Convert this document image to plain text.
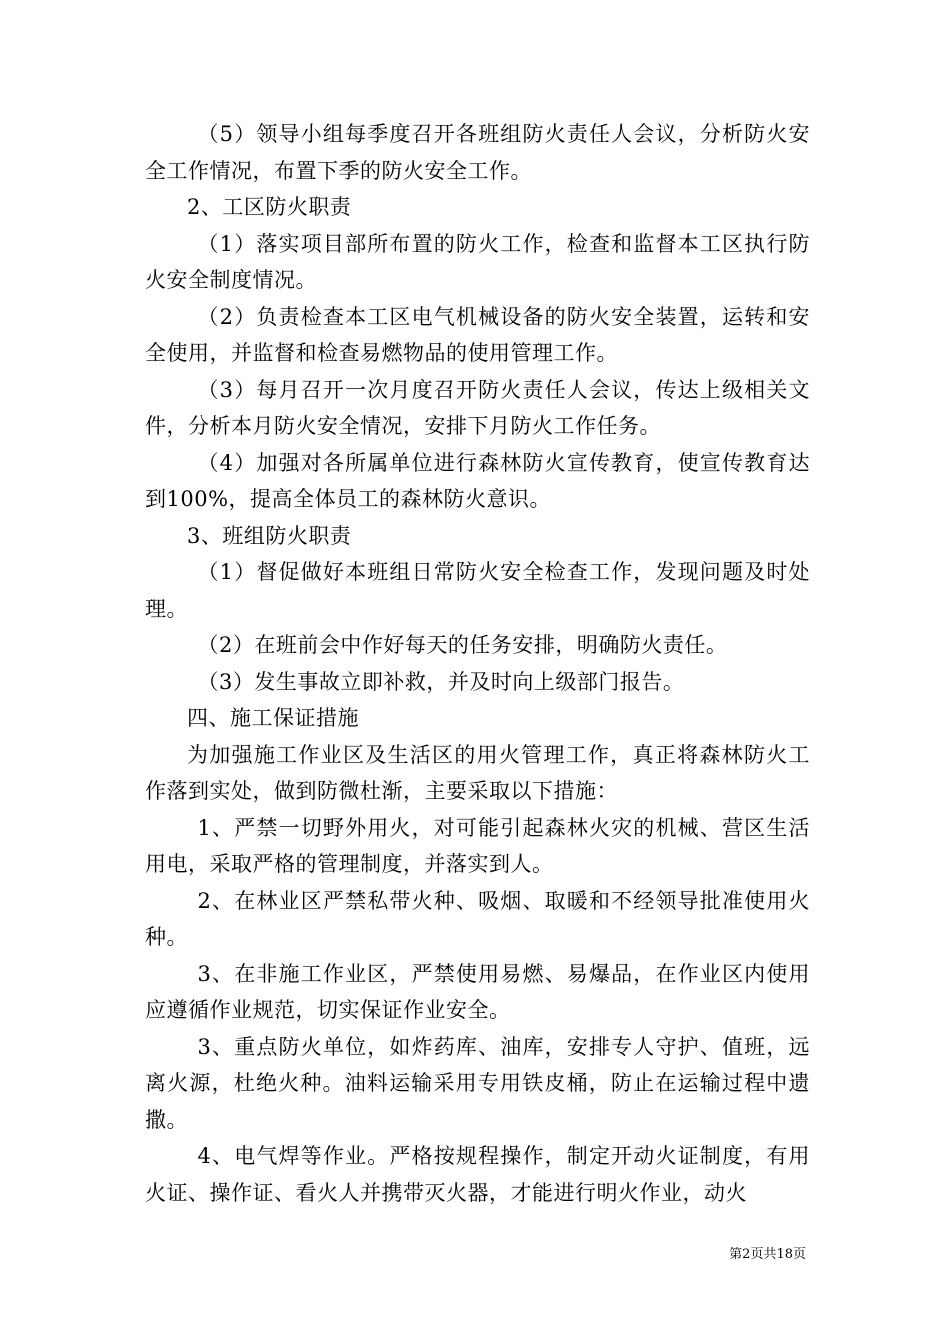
（5）领导小组每季度召开各班组防火责任人会议，分析防火安全工作情况，布置下季的防火安全工作。

2、工区防火职责

（1）落实项目部所布置的防火工作，检查和监督本工区执行防火安全制度情况。

（2）负责检查本工区电气机械设备的防火安全装置，运转和安全使用，并监督和检查易燃物品的使用管理工作。

（3）每月召开一次月度召开防火责任人会议，传达上级相关文件，分析本月防火安全情况，安排下月防火工作任务。

（4）加强对各所属单位进行森林防火宣传教育，使宣传教育达到100%，提高全体员工的森林防火意识。

3、班组防火职责

（1）督促做好本班组日常防火安全检查工作，发现问题及时处理。

（2）在班前会中作好每天的任务安排，明确防火责任。

（3）发生事故立即补救，并及时向上级部门报告。

四、施工保证措施

为加强施工作业区及生活区的用火管理工作，真正将森林防火工作落到实处，做到防微杜渐，主要采取以下措施：

1、严禁一切野外用火，对可能引起森林火灾的机械、营区生活用电，采取严格的管理制度，并落实到人。

2、在林业区严禁私带火种、吸烟、取暖和不经领导批准使用火种。

3、在非施工作业区，严禁使用易燃、易爆品，在作业区内使用应遵循作业规范，切实保证作业安全。

3、重点防火单位，如炸药库、油库，安排专人守护、值班，远离火源，杜绝火种。油料运输采用专用铁皮桶，防止在运输过程中遗撒。

4、电气焊等作业。严格按规程操作，制定开动火证制度，有用火证、操作证、看火人并携带灭火器，才能进行明火作业，动火

第2页共18页
